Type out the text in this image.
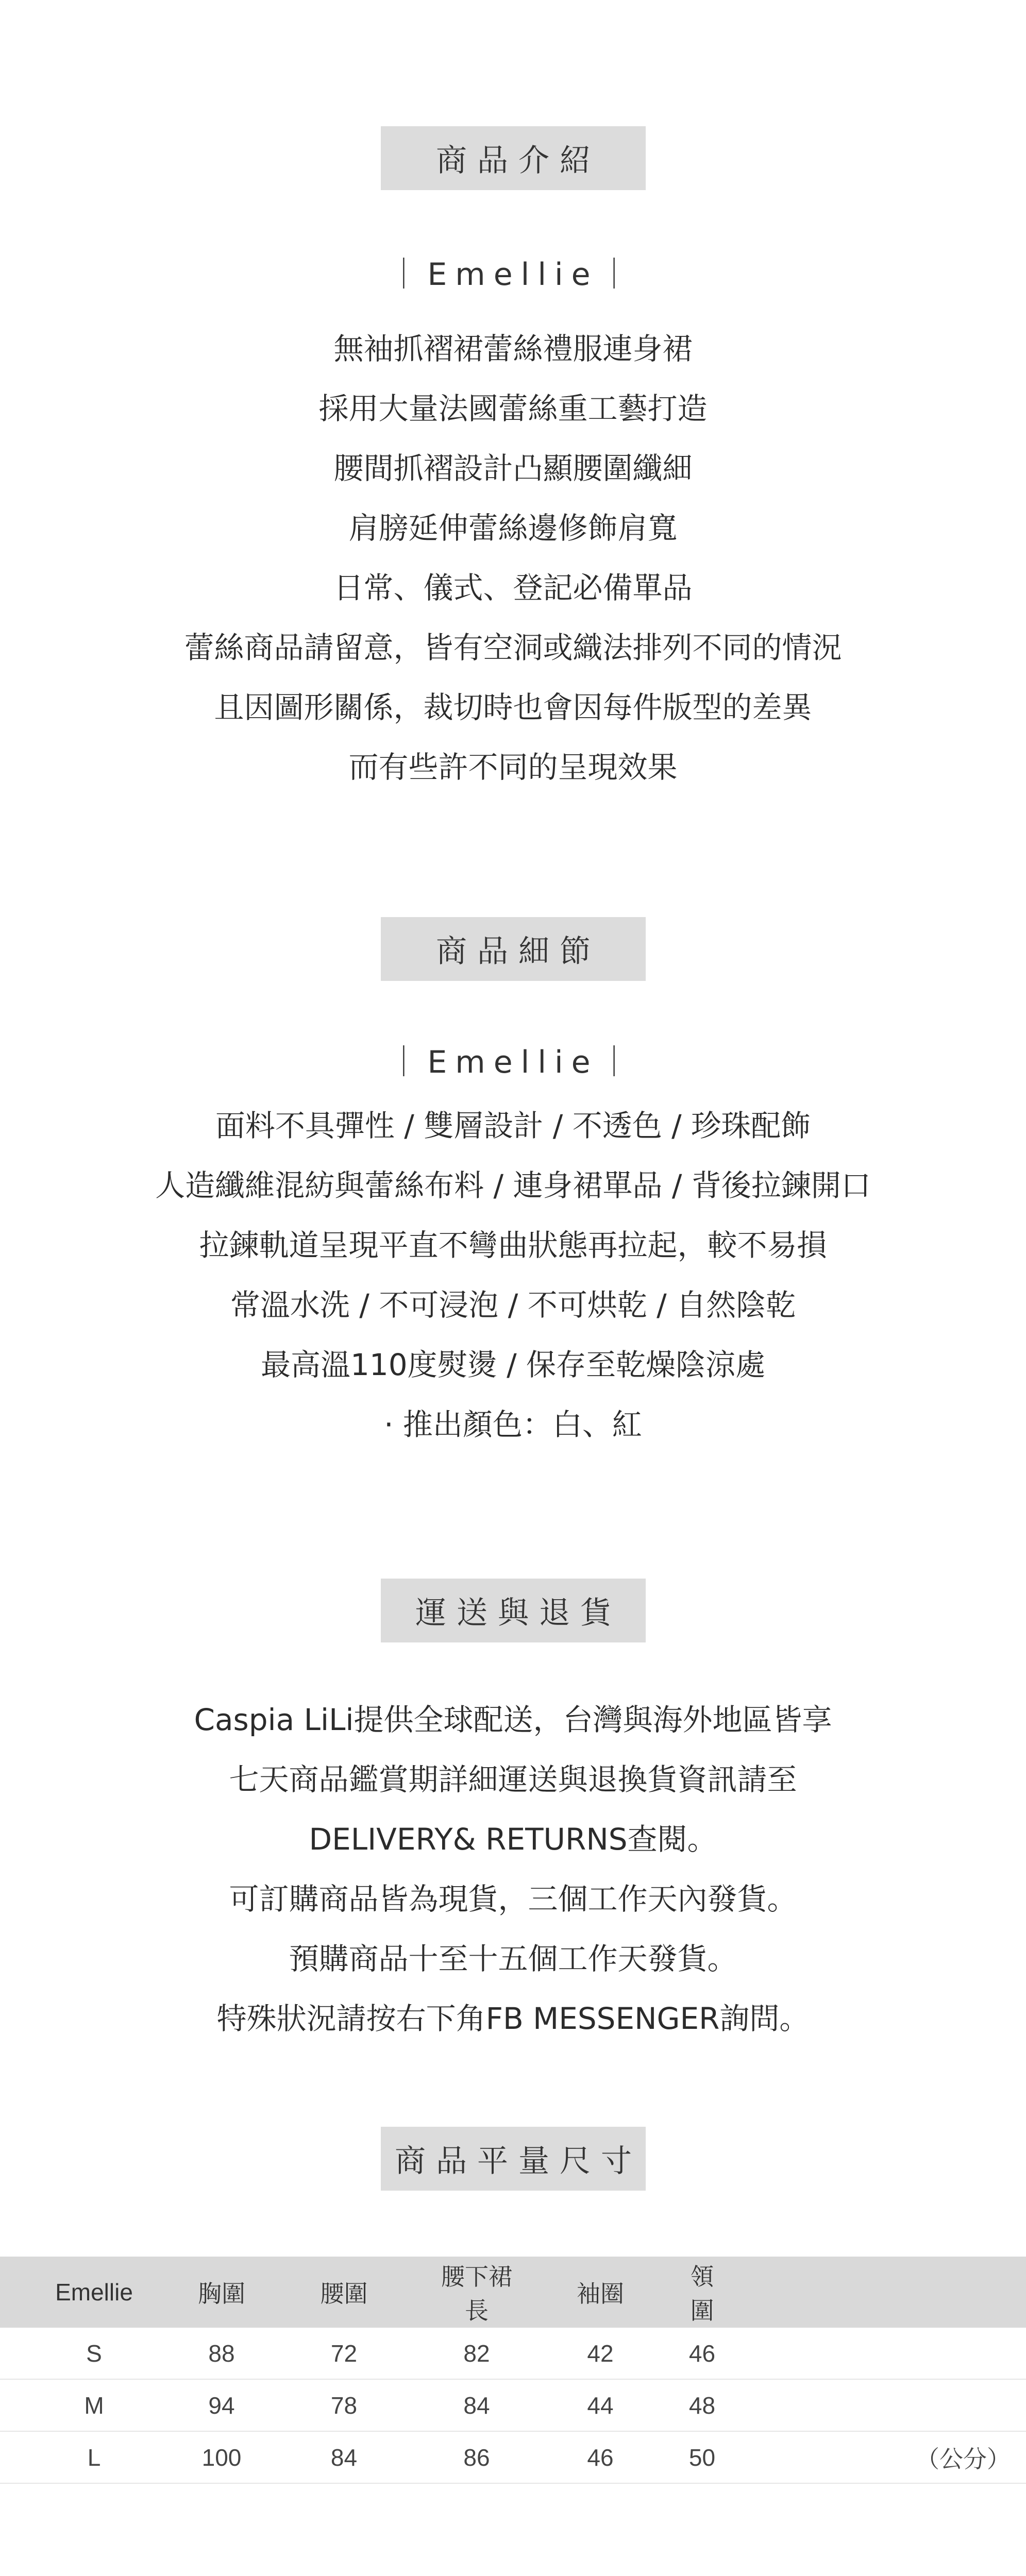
商品介紹
｜Emellie｜
無袖抓褶裙蕾絲禮服連身裙
採用大量法國蕾絲重工藝打造
腰間抓褶設計凸顯腰圍纖細
肩膀延伸蕾絲邊修飾肩寬
日常、儀式、登記必備單品
蕾絲商品請留意，皆有空洞或織法排列不同的情況
且因圖形關係，裁切時也會因每件版型的差異
而有些許不同的呈現效果
商品細節
｜Emellie｜
面料不具彈性 / 雙層設計 / 不透色 / 珍珠配飾
人造纖維混紡與蕾絲布料 / 連身裙單品 / 背後拉鍊開口
拉鍊軌道呈現平直不彎曲狀態再拉起，較不易損
常溫水洗 / 不可浸泡 / 不可烘乾 / 自然陰乾
最高溫110度熨燙 / 保存至乾燥陰涼處
· 推出顏色：白、紅
運送與退貨
Caspia LiLi提供全球配送，台灣與海外地區皆享
七天商品鑑賞期詳細運送與退換貨資訊請至
DELIVERY& RETURNS查閱。
可訂購商品皆為現貨，三個工作天內發貨。
預購商品十至十五個工作天發貨。
特殊狀況請按右下角FB MESSENGER詢問。
商品平量尺寸
Emellie	胸圍	腰圍	腰下裙長	袖圈	領圍	
S	88	72	82	42	46	
M	94	78	84	44	48	
L	100	84	86	46	50	（公分）
